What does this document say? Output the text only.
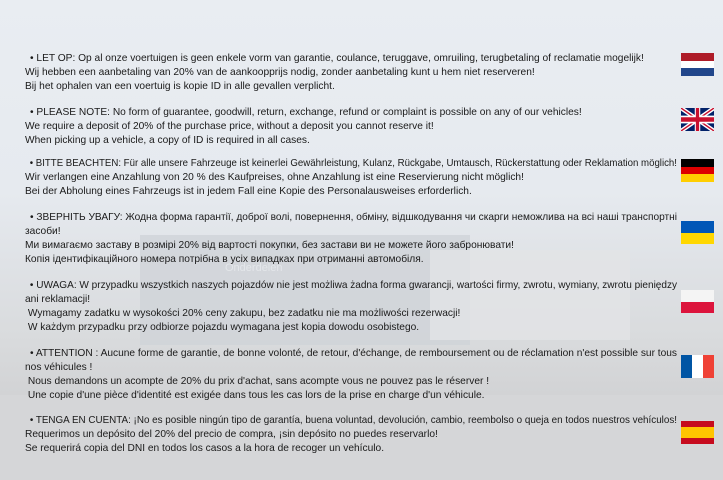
Onderdelen
• LET OP: Op al onze voertuigen is geen enkele vorm van garantie, coulance, teruggave, omruiling, terugbetaling of reclamatie mogelijk!
Wij hebben een aanbetaling van 20% van de aankoopprijs nodig, zonder aanbetaling kunt u hem niet reserveren!
Bij het ophalen van een voertuig is kopie ID in alle gevallen verplicht.
• PLEASE NOTE: No form of guarantee, goodwill, return, exchange, refund or complaint is possible on any of our vehicles!
We require a deposit of 20% of the purchase price, without a deposit you cannot reserve it!
When picking up a vehicle, a copy of ID is required in all cases.
• BITTE BEACHTEN: Für alle unsere Fahrzeuge ist keinerlei Gewährleistung, Kulanz, Rückgabe, Umtausch, Rückerstattung oder Reklamation möglich!
Wir verlangen eine Anzahlung von 20 % des Kaufpreises, ohne Anzahlung ist eine Reservierung nicht möglich!
Bei der Abholung eines Fahrzeugs ist in jedem Fall eine Kopie des Personalausweises erforderlich.
• ЗВЕРНІТЬ УВАГУ: Жодна форма гарантії, доброї волі, повернення, обміну, відшкодування чи скарги неможлива на всі наші транспортні
засоби!
Ми вимагаємо заставу в розмірі 20% від вартості покупки, без застави ви не можете його забронювати!
Копія ідентифікаційного номера потрібна в усіх випадках при отриманні автомобіля.
• UWAGA: W przypadku wszystkich naszych pojazdów nie jest możliwa żadna forma gwarancji, wartości firmy, zwrotu, wymiany, zwrotu pieniędzy
ani reklamacji!
Wymagamy zadatku w wysokości 20% ceny zakupu, bez zadatku nie ma możliwości rezerwacji!
W każdym przypadku przy odbiorze pojazdu wymagana jest kopia dowodu osobistego.
• ATTENTION : Aucune forme de garantie, de bonne volonté, de retour, d'échange, de remboursement ou de réclamation n'est possible sur tous
nos véhicules !
Nous demandons un acompte de 20% du prix d'achat, sans acompte vous ne pouvez pas le réserver !
Une copie d'une pièce d'identité est exigée dans tous les cas lors de la prise en charge d'un véhicule.
• TENGA EN CUENTA: ¡No es posible ningún tipo de garantía, buena voluntad, devolución, cambio, reembolso o queja en todos nuestros vehículos!
Requerimos un depósito del 20% del precio de compra, ¡sin depósito no puedes reservarlo!
Se requerirá copia del DNI en todos los casos a la hora de recoger un vehículo.
